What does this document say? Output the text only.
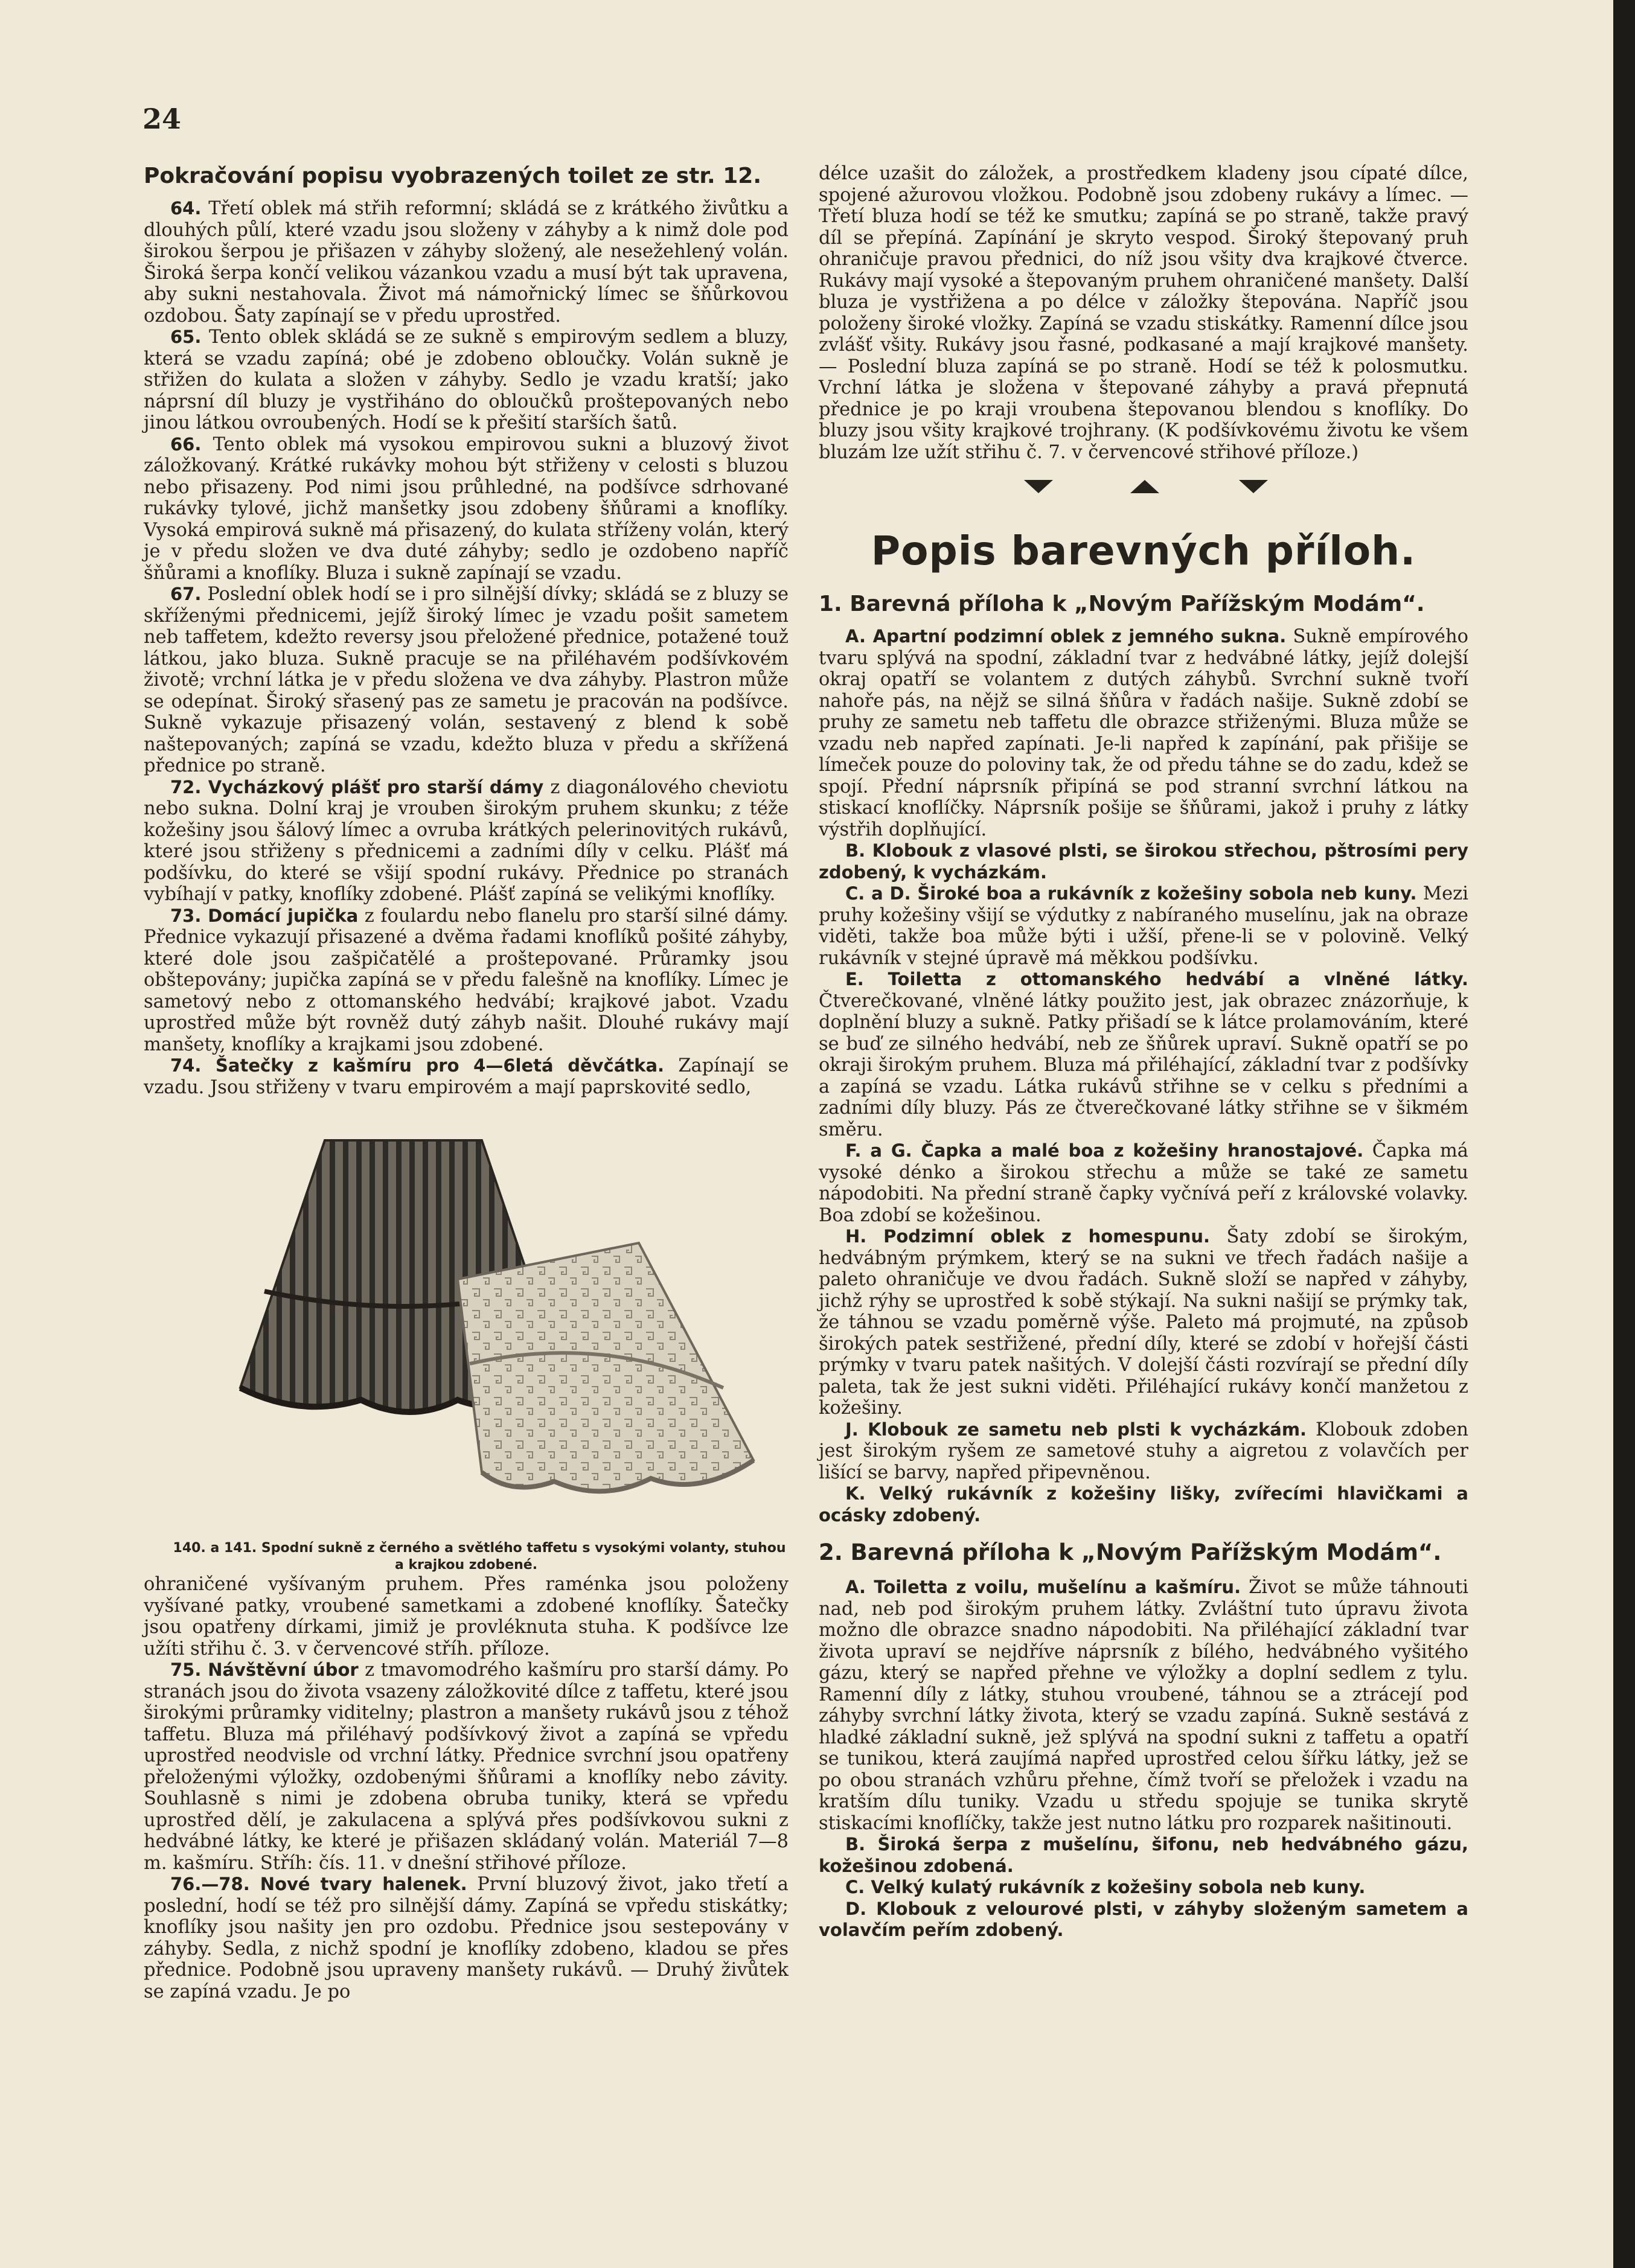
24
Pokračování popisu vyobrazených toilet ze str. 12.

64. Třetí oblek má střih reformní; skládá se z krátkého živůtku a dlouhých půlí, které vzadu jsou složeny v záhyby a k nimž dole pod širokou šerpou je přišazen v záhyby složený, ale nesežehlený volán. Široká šerpa končí velikou vázankou vzadu a musí být tak upravena, aby sukni nestahovala. Život má námořnický límec se šňůrkovou ozdobou. Šaty zapínají se v předu uprostřed.

65. Tento oblek skládá se ze sukně s empirovým sedlem a bluzy, která se vzadu zapíná; obé je zdobeno obloučky. Volán sukně je střižen do kulata a složen v záhyby. Sedlo je vzadu kratší; jako náprsní díl bluzy je vystřiháno do obloučků proštepovaných nebo jinou látkou ovroubených. Hodí se k přešití starších šatů.

66. Tento oblek má vysokou empirovou sukni a bluzový život záložkovaný. Krátké rukávky mohou být střiženy v celosti s bluzou nebo přisazeny. Pod nimi jsou průhledné, na podšívce sdrhované rukávky tylové, jichž manšetky jsou zdobeny šňůrami a knoflíky. Vysoká empirová sukně má přisazený, do kulata stříženy volán, který je v předu složen ve dva duté záhyby; sedlo je ozdobeno napříč šňůrami a knoflíky. Bluza i sukně zapínají se vzadu.

67. Poslední oblek hodí se i pro silnější dívky; skládá se z bluzy se skříženými přednicemi, jejíž široký límec je vzadu pošit sametem neb taffetem, kdežto reversy jsou přeložené přednice, potažené touž látkou, jako bluza. Sukně pracuje se na přiléhavém podšívkovém životě; vrchní látka je v předu složena ve dva záhyby. Plastron může se odepínat. Široký sřasený pas ze sametu je pracován na podšívce. Sukně vykazuje přisazený volán, sestavený z blend k sobě naštepovaných; zapíná se vzadu, kdežto bluza v předu a skřížená přednice po straně.

72. Vycházkový plášť pro starší dámy z diagonálového cheviotu nebo sukna. Dolní kraj je vrouben širokým pruhem skunku; z téže kožešiny jsou šálový límec a ovruba krátkých pelerinovitých rukávů, které jsou střiženy s přednicemi a zadními díly v celku. Plášť má podšívku, do které se všijí spodní rukávy. Přednice po stranách vybíhají v patky, knoflíky zdobené. Plášť zapíná se velikými knoflíky.

73. Domácí jupička z foulardu nebo flanelu pro starší silné dámy. Přednice vykazují přisazené a dvěma řadami knoflíků pošité záhyby, které dole jsou zašpičatělé a proštepované. Průramky jsou obštepovány; jupička zapíná se v předu falešně na knoflíky. Límec je sametový nebo z ottomanského hedvábí; krajkové jabot. Vzadu uprostřed může být rovněž dutý záhyb našit. Dlouhé rukávy mají manšety, knoflíky a krajkami jsou zdobené.

74. Šatečky z kašmíru pro 4—6letá děvčátka. Zapínají se vzadu. Jsou střiženy v tvaru empirovém a mají paprskovité sedlo,

140. a 141. Spodní sukně z černého a světlého taffetu s vysokými volanty, stuhou a krajkou zdobené.

ohraničené vyšívaným pruhem. Přes raménka jsou položeny vyšívané patky, vroubené sametkami a zdobené knoflíky. Šatečky jsou opatřeny dírkami, jimiž je provléknuta stuha. K podšívce lze užíti střihu č. 3. v červencové stříh. příloze.

75. Návštěvní úbor z tmavomodrého kašmíru pro starší dámy. Po stranách jsou do života vsazeny záložkovité dílce z taffetu, které jsou širokými průramky viditelny; plastron a manšety rukávů jsou z téhož taffetu. Bluza má přiléhavý podšívkový život a zapíná se vpředu uprostřed neodvisle od vrchní látky. Přednice svrchní jsou opatřeny přeloženými výložky, ozdobenými šňůrami a knoflíky nebo závity. Souhlasně s nimi je zdobena obruba tuniky, která se vpředu uprostřed dělí, je zakulacena a splývá přes podšívkovou sukni z hedvábné látky, ke které je přišazen skládaný volán. Materiál 7—8 m. kašmíru. Stříh: čís. 11. v dnešní střihové příloze.

76.—78. Nové tvary halenek. První bluzový život, jako třetí a poslední, hodí se též pro silnější dámy. Zapíná se vpředu stiskátky; knoflíky jsou našity jen pro ozdobu. Přednice jsou sestepovány v záhyby. Sedla, z nichž spodní je knoflíky zdobeno, kladou se přes přednice. Podobně jsou upraveny manšety rukávů. — Druhý živůtek se zapíná vzadu. Je po

délce uzašit do záložek, a prostředkem kladeny jsou cípaté dílce, spojené ažurovou vložkou. Podobně jsou zdobeny rukávy a límec. — Třetí bluza hodí se též ke smutku; zapíná se po straně, takže pravý díl se přepíná. Zapínání je skryto vespod. Široký štepovaný pruh ohraničuje pravou přednici, do níž jsou všity dva krajkové čtverce. Rukávy mají vysoké a štepovaným pruhem ohraničené manšety. Další bluza je vystřižena a po délce v záložky štepována. Napříč jsou položeny široké vložky. Zapíná se vzadu stiskátky. Ramenní dílce jsou zvlášť všity. Rukávy jsou řasné, podkasané a mají krajkové manšety. — Poslední bluza zapíná se po straně. Hodí se též k polosmutku. Vrchní látka je složena v štepované záhyby a pravá přepnutá přednice je po kraji vroubena štepovanou blendou s knoflíky. Do bluzy jsou všity krajkové trojhrany. (K podšívkovému životu ke všem bluzám lze užít střihu č. 7. v červencové střihové příloze.)

Popis barevných příloh.
1. Barevná příloha k „Novým Pařížským Modám“.

A. Apartní podzimní oblek z jemného sukna. Sukně empírového tvaru splývá na spodní, základní tvar z hedvábné látky, jejíž dolejší okraj opatří se volantem z dutých záhybů. Svrchní sukně tvoří nahoře pás, na nějž se silná šňůra v řadách našije. Sukně zdobí se pruhy ze sametu neb taffetu dle obrazce střiženými. Bluza může se vzadu neb napřed zapínati. Je-li napřed k zapínání, pak přišije se límeček pouze do poloviny tak, že od předu táhne se do zadu, kdež se spojí. Přední náprsník připíná se pod stranní svrchní látkou na stiskací knoflíčky. Náprsník pošije se šňůrami, jakož i pruhy z látky výstřih doplňující.

B. Klobouk z vlasové plsti, se širokou střechou, pštrosími pery zdobený, k vycházkám.

C. a D. Široké boa a rukávník z kožešiny sobola neb kuny. Mezi pruhy kožešiny všijí se výdutky z nabíraného muselínu, jak na obraze viděti, takže boa může býti i užší, přene-li se v polovině. Velký rukávník v stejné úpravě má měkkou podšívku.

E. Toiletta z ottomanského hedvábí a vlněné látky. Čtverečkované, vlněné látky použito jest, jak obrazec znázorňuje, k doplnění bluzy a sukně. Patky přišadí se k látce prolamováním, které se buď ze silného hedvábí, neb ze šňůrek upraví. Sukně opatří se po okraji širokým pruhem. Bluza má přiléhající, základní tvar z podšívky a zapíná se vzadu. Látka rukávů střihne se v celku s předními a zadními díly bluzy. Pás ze čtverečkované látky střihne se v šikmém směru.

F. a G. Čapka a malé boa z kožešiny hranostajové. Čapka má vysoké dénko a širokou střechu a může se také ze sametu nápodobiti. Na přední straně čapky vyčnívá peří z královské volavky. Boa zdobí se kožešinou.

H. Podzimní oblek z homespunu. Šaty zdobí se širokým, hedvábným prýmkem, který se na sukni ve třech řadách našije a paleto ohraničuje ve dvou řadách. Sukně složí se napřed v záhyby, jichž rýhy se uprostřed k sobě stýkají. Na sukni našijí se prýmky tak, že táhnou se vzadu poměrně výše. Paleto má projmuté, na způsob širokých patek sestřižené, přední díly, které se zdobí v hořejší části prýmky v tvaru patek našitých. V dolejší části rozvírají se přední díly paleta, tak že jest sukni viděti. Přiléhající rukávy končí manžetou z kožešiny.

J. Klobouk ze sametu neb plsti k vycházkám. Klobouk zdoben jest širokým ryšem ze sametové stuhy a aigretou z volavčích per lišící se barvy, napřed připevněnou.

K. Velký rukávník z kožešiny lišky, zvířecími hlavičkami a ocásky zdobený.

2. Barevná příloha k „Novým Pařížským Modám“.

A. Toiletta z voilu, mušelínu a kašmíru. Život se může táhnouti nad, neb pod širokým pruhem látky. Zvláštní tuto úpravu života možno dle obrazce snadno nápodobiti. Na přiléhající základní tvar života upraví se nejdříve náprsník z bílého, hedvábného vyšitého gázu, který se napřed přehne ve výložky a doplní sedlem z tylu. Ramenní díly z látky, stuhou vroubené, táhnou se a ztrácejí pod záhyby svrchní látky života, který se vzadu zapíná. Sukně sestává z hladké základní sukně, jež splývá na spodní sukni z taffetu a opatří se tunikou, která zaujímá napřed uprostřed celou šířku látky, jež se po obou stranách vzhůru přehne, čímž tvoří se přeložek i vzadu na kratším dílu tuniky. Vzadu u středu spojuje se tunika skrytě stiskacími knoflíčky, takže jest nutno látku pro rozparek našitinouti.

B. Široká šerpa z mušelínu, šifonu, neb hedvábného gázu, kožešinou zdobená.

C. Velký kulatý rukávník z kožešiny sobola neb kuny.

D. Klobouk z velourové plsti, v záhyby složeným sametem a volavčím peřím zdobený.
